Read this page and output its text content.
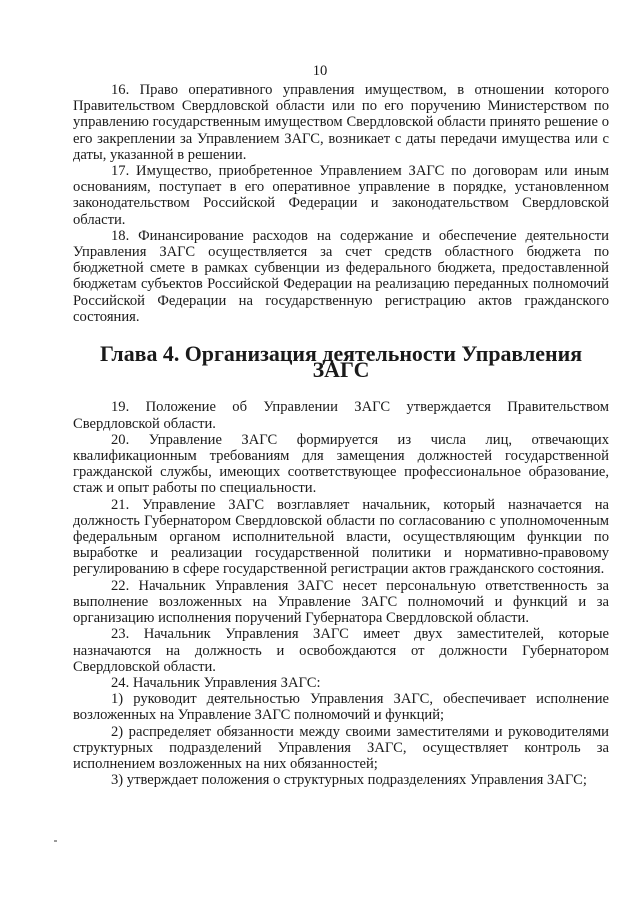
10

16. Право оперативного управления имуществом, в отношении которого Правительством Свердловской области или по его поручению Министерством по управлению государственным имуществом Свердловской области принято решение о его закреплении за Управлением ЗАГС, возникает с даты передачи имущества или с даты, указанной в решении.

17. Имущество, приобретенное Управлением ЗАГС по договорам или иным основаниям, поступает в его оперативное управление в порядке, установленном законодательством Российской Федерации и законодательством Свердловской области.

18. Финансирование расходов на содержание и обеспечение деятельности Управления ЗАГС осуществляется за счет средств областного бюджета по бюджетной смете в рамках субвенции из федерального бюджета, предоставленной бюджетам субъектов Российской Федерации на реализацию переданных полномочий Российской Федерации на государственную регистрацию актов гражданского состояния.

Глава 4. Организация деятельности Управления ЗАГС

19. Положение об Управлении ЗАГС утверждается Правительством Свердловской области.

20. Управление ЗАГС формируется из числа лиц, отвечающих квалификационным требованиям для замещения должностей государственной гражданской службы, имеющих соответствующее профессиональное образование, стаж и опыт работы по специальности.

21. Управление ЗАГС возглавляет начальник, который назначается на должность Губернатором Свердловской области по согласованию с уполномоченным федеральным органом исполнительной власти, осуществляющим функции по выработке и реализации государственной политики и нормативно-правовому регулированию в сфере государственной регистрации актов гражданского состояния.

22. Начальник Управления ЗАГС несет персональную ответственность за выполнение возложенных на Управление ЗАГС полномочий и функций и за организацию исполнения поручений Губернатора Свердловской области.

23. Начальник Управления ЗАГС имеет двух заместителей, которые назначаются на должность и освобождаются от должности Губернатором Свердловской области.

24. Начальник Управления ЗАГС:

1) руководит деятельностью Управления ЗАГС, обеспечивает исполнение возложенных на Управление ЗАГС полномочий и функций;

2) распределяет обязанности между своими заместителями и руководителями структурных подразделений Управления ЗАГС, осуществляет контроль за исполнением возложенных на них обязанностей;

3) утверждает положения о структурных подразделениях Управления ЗАГС;
